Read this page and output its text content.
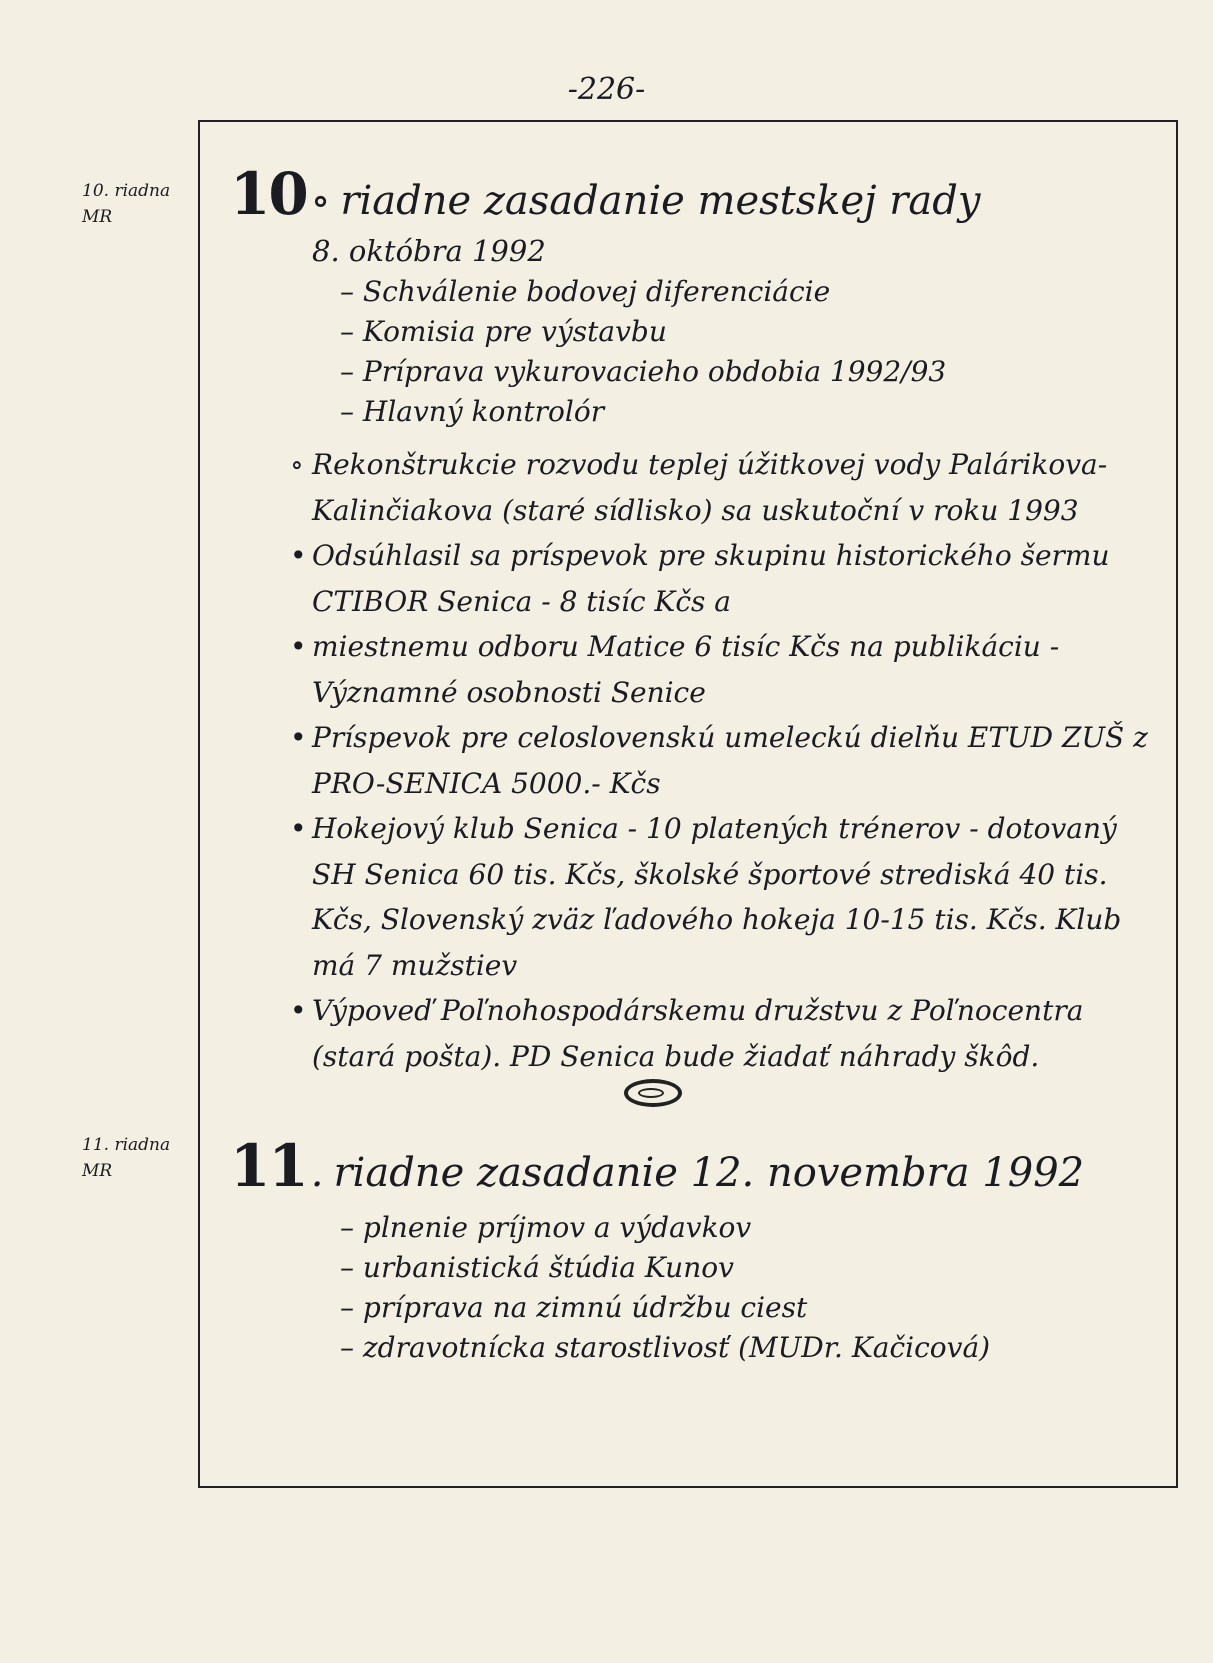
-226-
10. riadna
MR
11. riadna
MR
10 ∘ riadne zasadanie mestskej rady
8. októbra 1992
– Schválenie bodovej diferenciácie
– Komisia pre výstavbu
– Príprava vykurovacieho obdobia 1992/93
– Hlavný kontrolór
∘ Rekonštrukcie rozvodu teplej úžitkovej vody Palárikova-Kalinčiakova (staré sídlisko) sa uskutoční v roku 1993
• Odsúhlasil sa príspevok pre skupinu historického šermu CTIBOR Senica - 8 tisíc Kčs a
• miestnemu odboru Matice 6 tisíc Kčs na publikáciu - Významné osobnosti Senice
• Príspevok pre celoslovenskú umeleckú dielňu ETUD ZUŠ z PRO-SENICA 5000.- Kčs
• Hokejový klub Senica - 10 platených trénerov - dotovaný SH Senica 60 tis. Kčs, školské športové strediská 40 tis. Kčs, Slovenský zväz ľadového hokeja 10-15 tis. Kčs. Klub má 7 mužstiev
• Výpoveď Poľnohospodárskemu družstvu z Poľnocentra (stará pošta). PD Senica bude žiadať náhrady škôd.
11 . riadne zasadanie 12. novembra 1992
– plnenie príjmov a výdavkov
– urbanistická štúdia Kunov
– príprava na zimnú údržbu ciest
– zdravotnícka starostlivosť (MUDr. Kačicová)
